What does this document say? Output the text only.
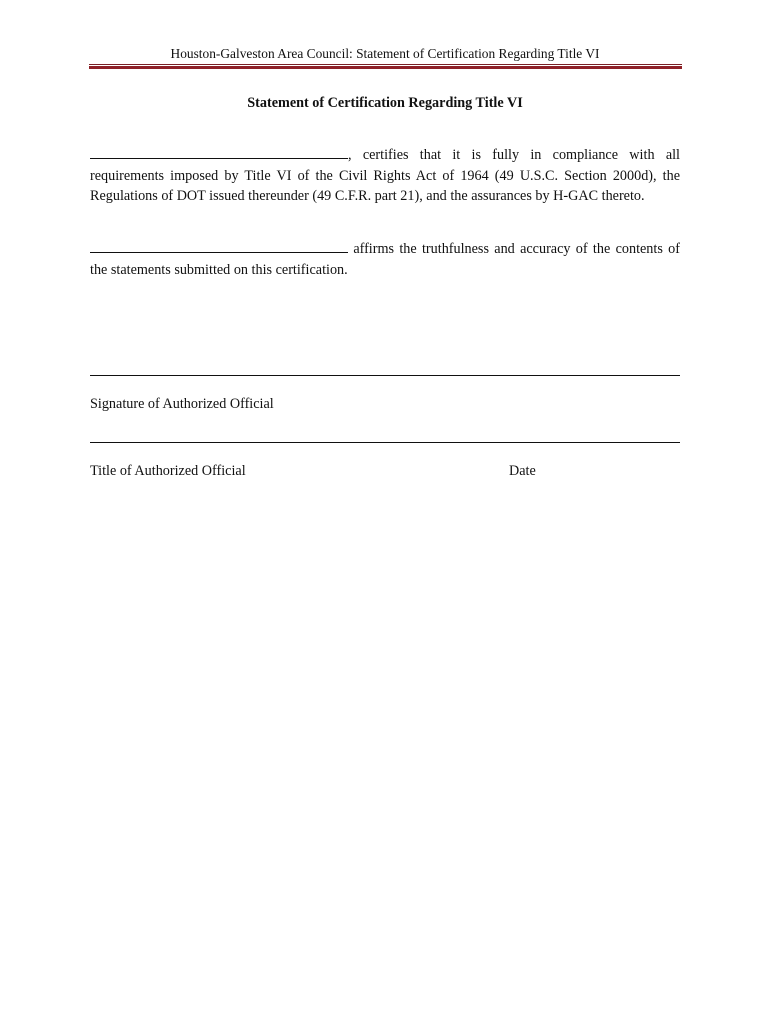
Houston-Galveston Area Council: Statement of Certification Regarding Title VI
Statement of Certification Regarding Title VI
, certifies that it is fully in compliance with all requirements imposed by Title VI of the Civil Rights Act of 1964 (49 U.S.C. Section 2000d), the Regulations of DOT issued thereunder (49 C.F.R. part 21), and the assurances by H-GAC thereto.
affirms the truthfulness and accuracy of the contents of the statements submitted on this certification.
Signature of Authorized Official
Title of Authorized Official	Date
